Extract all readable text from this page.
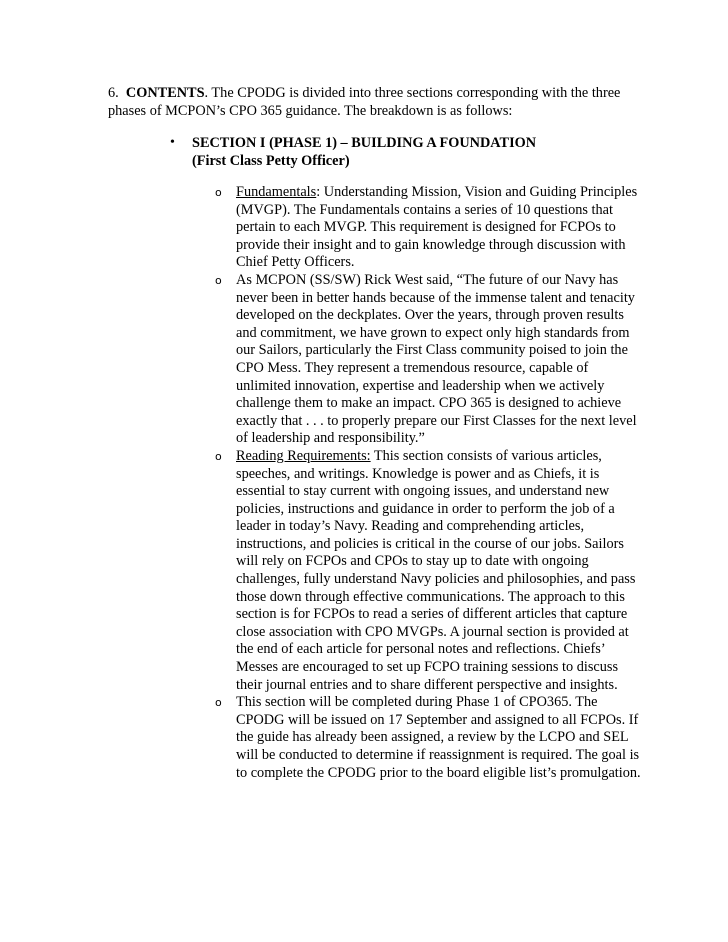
6. CONTENTS. The CPODG is divided into three sections corresponding with the three phases of MCPON’s CPO 365 guidance. The breakdown is as follows:

• SECTION I (PHASE 1) – BUILDING A FOUNDATION
(First Class Petty Officer)
o Fundamentals: Understanding Mission, Vision and Guiding Principles (MVGP). The Fundamentals contains a series of 10 questions that pertain to each MVGP. This requirement is designed for FCPOs to provide their insight and to gain knowledge through discussion with Chief Petty Officers.
o As MCPON (SS/SW) Rick West said, “The future of our Navy has never been in better hands because of the immense talent and tenacity developed on the deckplates. Over the years, through proven results and commitment, we have grown to expect only high standards from our Sailors, particularly the First Class community poised to join the CPO Mess. They represent a tremendous resource, capable of unlimited innovation, expertise and leadership when we actively challenge them to make an impact. CPO 365 is designed to achieve exactly that . . . to properly prepare our First Classes for the next level of leadership and responsibility.”
o Reading Requirements: This section consists of various articles, speeches, and writings. Knowledge is power and as Chiefs, it is essential to stay current with ongoing issues, and understand new policies, instructions and guidance in order to perform the job of a leader in today’s Navy. Reading and comprehending articles, instructions, and policies is critical in the course of our jobs. Sailors will rely on FCPOs and CPOs to stay up to date with ongoing challenges, fully understand Navy policies and philosophies, and pass those down through effective communications. The approach to this section is for FCPOs to read a series of different articles that capture close association with CPO MVGPs. A journal section is provided at the end of each article for personal notes and reflections. Chiefs’ Messes are encouraged to set up FCPO training sessions to discuss their journal entries and to share different perspective and insights.
o This section will be completed during Phase 1 of CPO365. The CPODG will be issued on 17 September and assigned to all FCPOs. If the guide has already been assigned, a review by the LCPO and SEL will be conducted to determine if reassignment is required. The goal is to complete the CPODG prior to the board eligible list’s promulgation.
